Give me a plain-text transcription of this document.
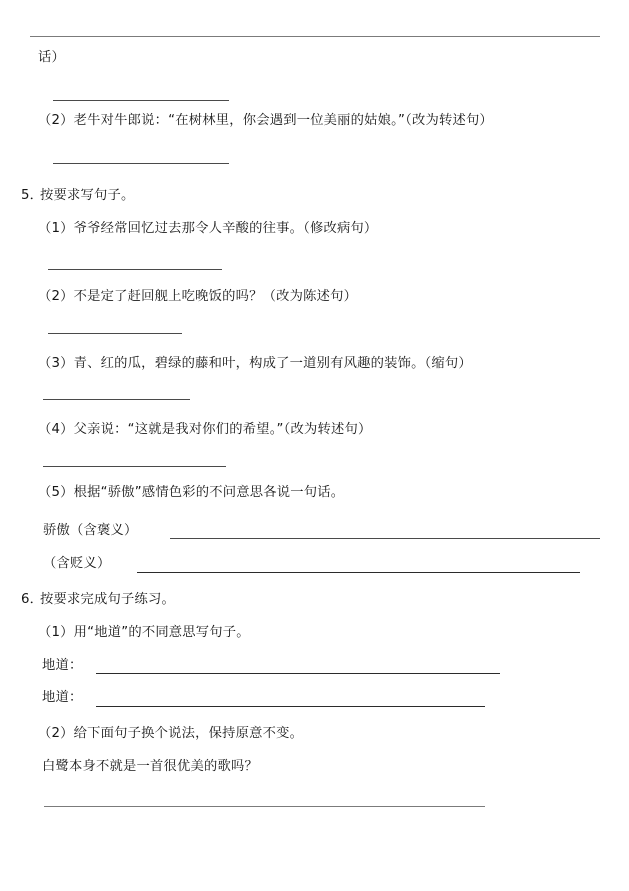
话）
（2）老牛对牛郎说：“在树林里，你会遇到一位美丽的姑娘。”（改为转述句）
5．
按要求写句子。
（1）爷爷经常回忆过去那令人辛酸的往事。（修改病句）
（2）不是定了赶回舰上吃晚饭的吗？（改为陈述句）
（3）青、红的瓜，碧绿的藤和叶，构成了一道别有风趣的装饰。（缩句）
（4）父亲说：“这就是我对你们的希望。”（改为转述句）
（5）根据“骄傲”感情色彩的不问意思各说一句话。
骄傲（含褒义）
（含贬义）
6．
按要求完成句子练习。
（1）用“地道”的不同意思写句子。
地道：
地道：
（2）给下面句子换个说法，保持原意不变。
白鹭本身不就是一首很优美的歌吗？
